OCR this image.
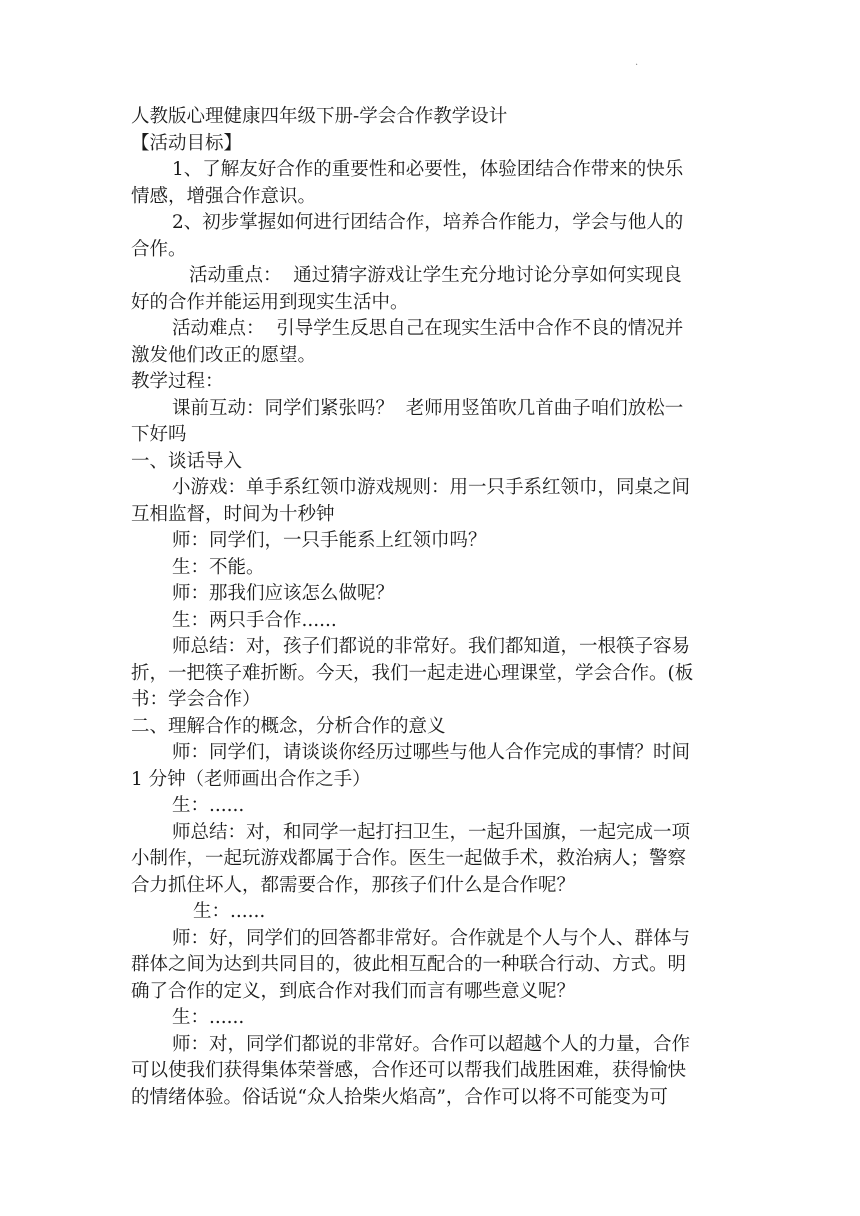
.
人教版心理健康四年级下册-学会合作教学设计
【活动目标】
1、了解友好合作的重要性和必要性，体验团结合作带来的快乐
情感，增强合作意识。
2、初步掌握如何进行团结合作，培养合作能力，学会与他人的
合作。
活动重点：  通过猜字游戏让学生充分地讨论分享如何实现良
好的合作并能运用到现实生活中。
活动难点：  引导学生反思自己在现实生活中合作不良的情况并
激发他们改正的愿望。
教学过程：
课前互动：同学们紧张吗？  老师用竖笛吹几首曲子咱们放松一
下好吗
一、谈话导入
小游戏：单手系红领巾游戏规则：用一只手系红领巾，同桌之间
互相监督，时间为十秒钟
师：同学们，一只手能系上红领巾吗？
生：不能。
师：那我们应该怎么做呢？
生：两只手合作......
师总结：对，孩子们都说的非常好。我们都知道，一根筷子容易
折，一把筷子难折断。今天，我们一起走进心理课堂，学会合作。(板
书：学会合作）
二、理解合作的概念，分析合作的意义
师：同学们，请谈谈你经历过哪些与他人合作完成的事情？时间
1 分钟（老师画出合作之手）
生：......
师总结：对，和同学一起打扫卫生，一起升国旗，一起完成一项
小制作，一起玩游戏都属于合作。医生一起做手术，救治病人；警察
合力抓住坏人，都需要合作，那孩子们什么是合作呢？
生：......
师：好，同学们的回答都非常好。合作就是个人与个人、群体与
群体之间为达到共同目的，彼此相互配合的一种联合行动、方式。明
确了合作的定义，到底合作对我们而言有哪些意义呢？
生：......
师：对，同学们都说的非常好。合作可以超越个人的力量，合作
可以使我们获得集体荣誉感，合作还可以帮我们战胜困难，获得愉快
的情绪体验。俗话说“众人拾柴火焰高”，合作可以将不可能变为可
